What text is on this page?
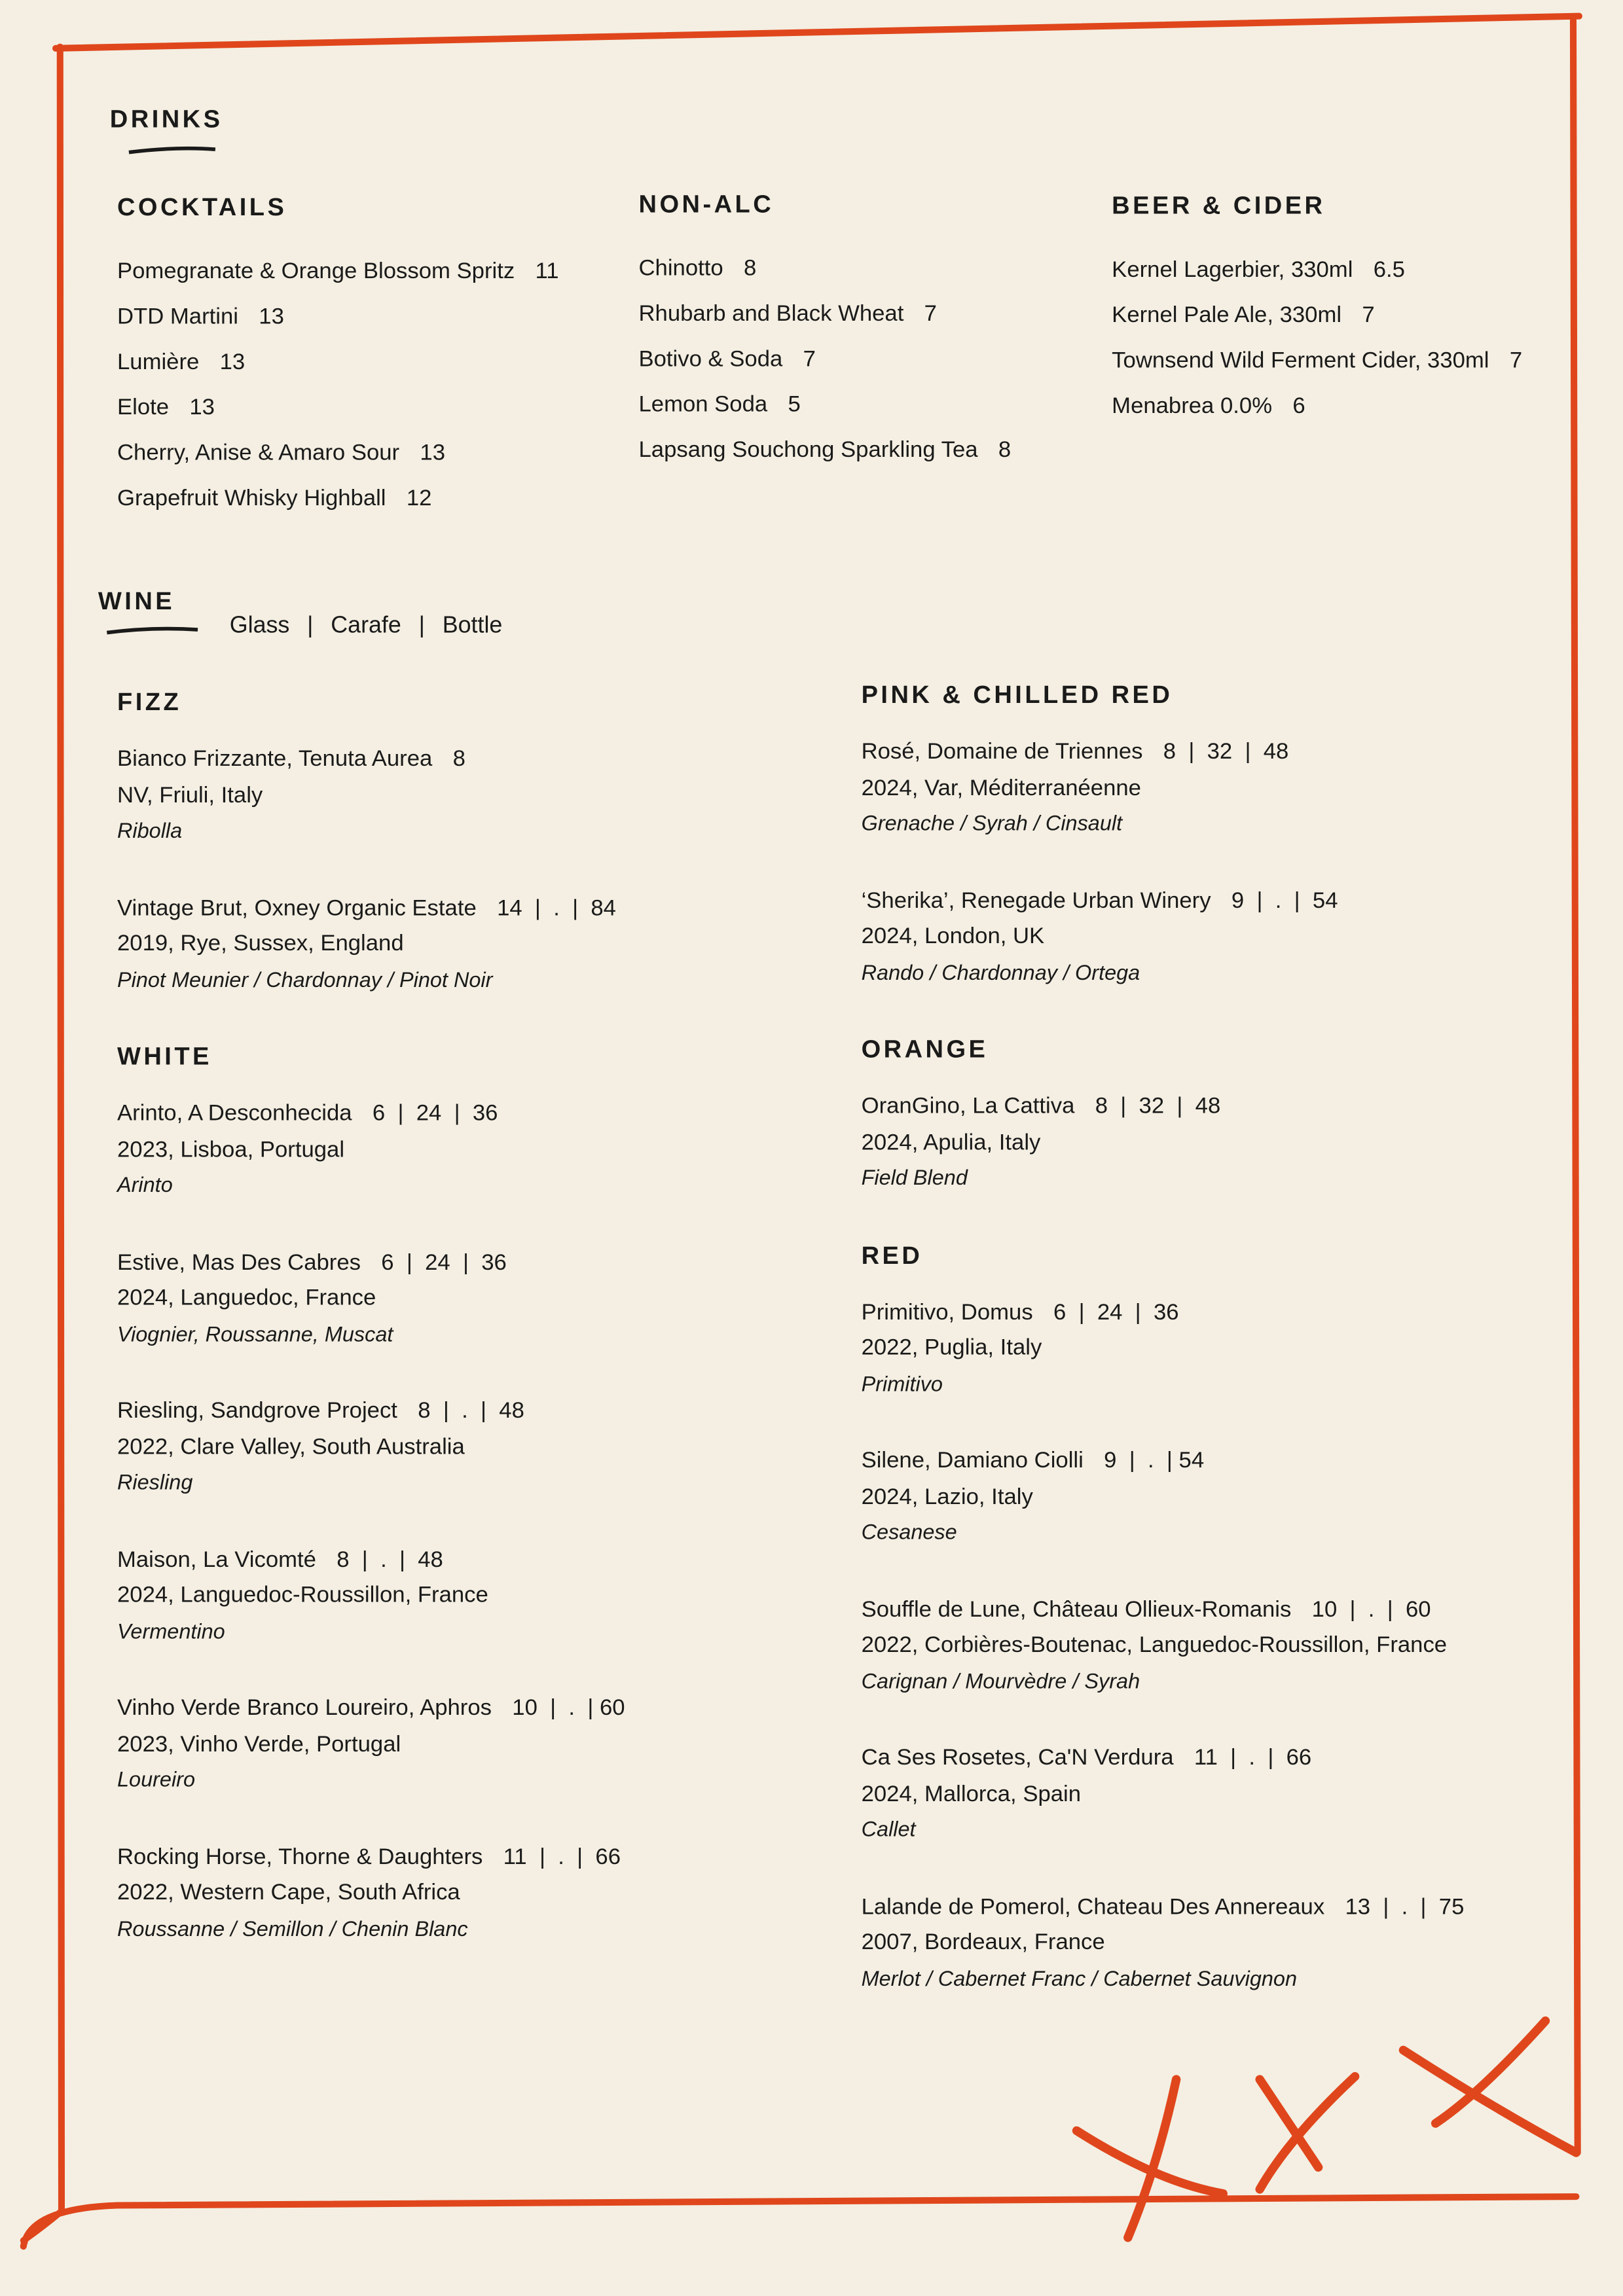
DRINKS
COCKTAILS
Pomegranate & Orange Blossom Spritz 11
DTD Martini 13
Lumière 13
Elote 13
Cherry, Anise & Amaro Sour 13
Grapefruit Whisky Highball 12
NON-ALC
Chinotto 8
Rhubarb and Black Wheat 7
Botivo & Soda 7
Lemon Soda 5
Lapsang Souchong Sparkling Tea 8
BEER & CIDER
Kernel Lagerbier, 330ml 6.5
Kernel Pale Ale, 330ml 7
Townsend Wild Ferment Cider, 330ml 7
Menabrea 0.0% 6
WINE

Glass | Carafe | Bottle

FIZZ
Bianco Frizzante, Tenuta Aurea 8
NV, Friuli, Italy
Ribolla
Vintage Brut, Oxney Organic Estate 14  |  .  |  84
2019, Rye, Sussex, England
Pinot Meunier / Chardonnay / Pinot Noir
WHITE
Arinto, A Desconhecida 6  |  24  |  36
2023, Lisboa, Portugal
Arinto
Estive, Mas Des Cabres 6  |  24  |  36
2024, Languedoc, France
Viognier, Roussanne, Muscat
Riesling, Sandgrove Project 8  |  .  |  48
2022, Clare Valley, South Australia
Riesling
Maison, La Vicomté 8  |  .  |  48
2024, Languedoc-Roussillon, France
Vermentino
Vinho Verde Branco Loureiro, Aphros 10  |  .  | 60
2023, Vinho Verde, Portugal
Loureiro
Rocking Horse, Thorne & Daughters 11  |  .  |  66
2022, Western Cape, South Africa
Roussanne / Semillon / Chenin Blanc
PINK & CHILLED RED
Rosé, Domaine de Triennes 8  |  32  |  48
2024, Var, Méditerranéenne
Grenache / Syrah / Cinsault
‘Sherika’, Renegade Urban Winery 9  |  .  |  54
2024, London, UK
Rando / Chardonnay / Ortega
ORANGE
OranGino, La Cattiva 8  |  32  |  48
2024, Apulia, Italy
Field Blend
RED
Primitivo, Domus 6  |  24  |  36
2022, Puglia, Italy
Primitivo
Silene, Damiano Ciolli 9  |  .  | 54
2024, Lazio, Italy
Cesanese
Souffle de Lune, Château Ollieux-Romanis 10  |  .  |  60
2022, Corbières-Boutenac, Languedoc-Roussillon, France
Carignan / Mourvèdre / Syrah
Ca Ses Rosetes, Ca'N Verdura 11  |  .  |  66
2024, Mallorca, Spain
Callet
Lalande de Pomerol, Chateau Des Annereaux 13  |  .  |  75
2007, Bordeaux, France
Merlot / Cabernet Franc / Cabernet Sauvignon
